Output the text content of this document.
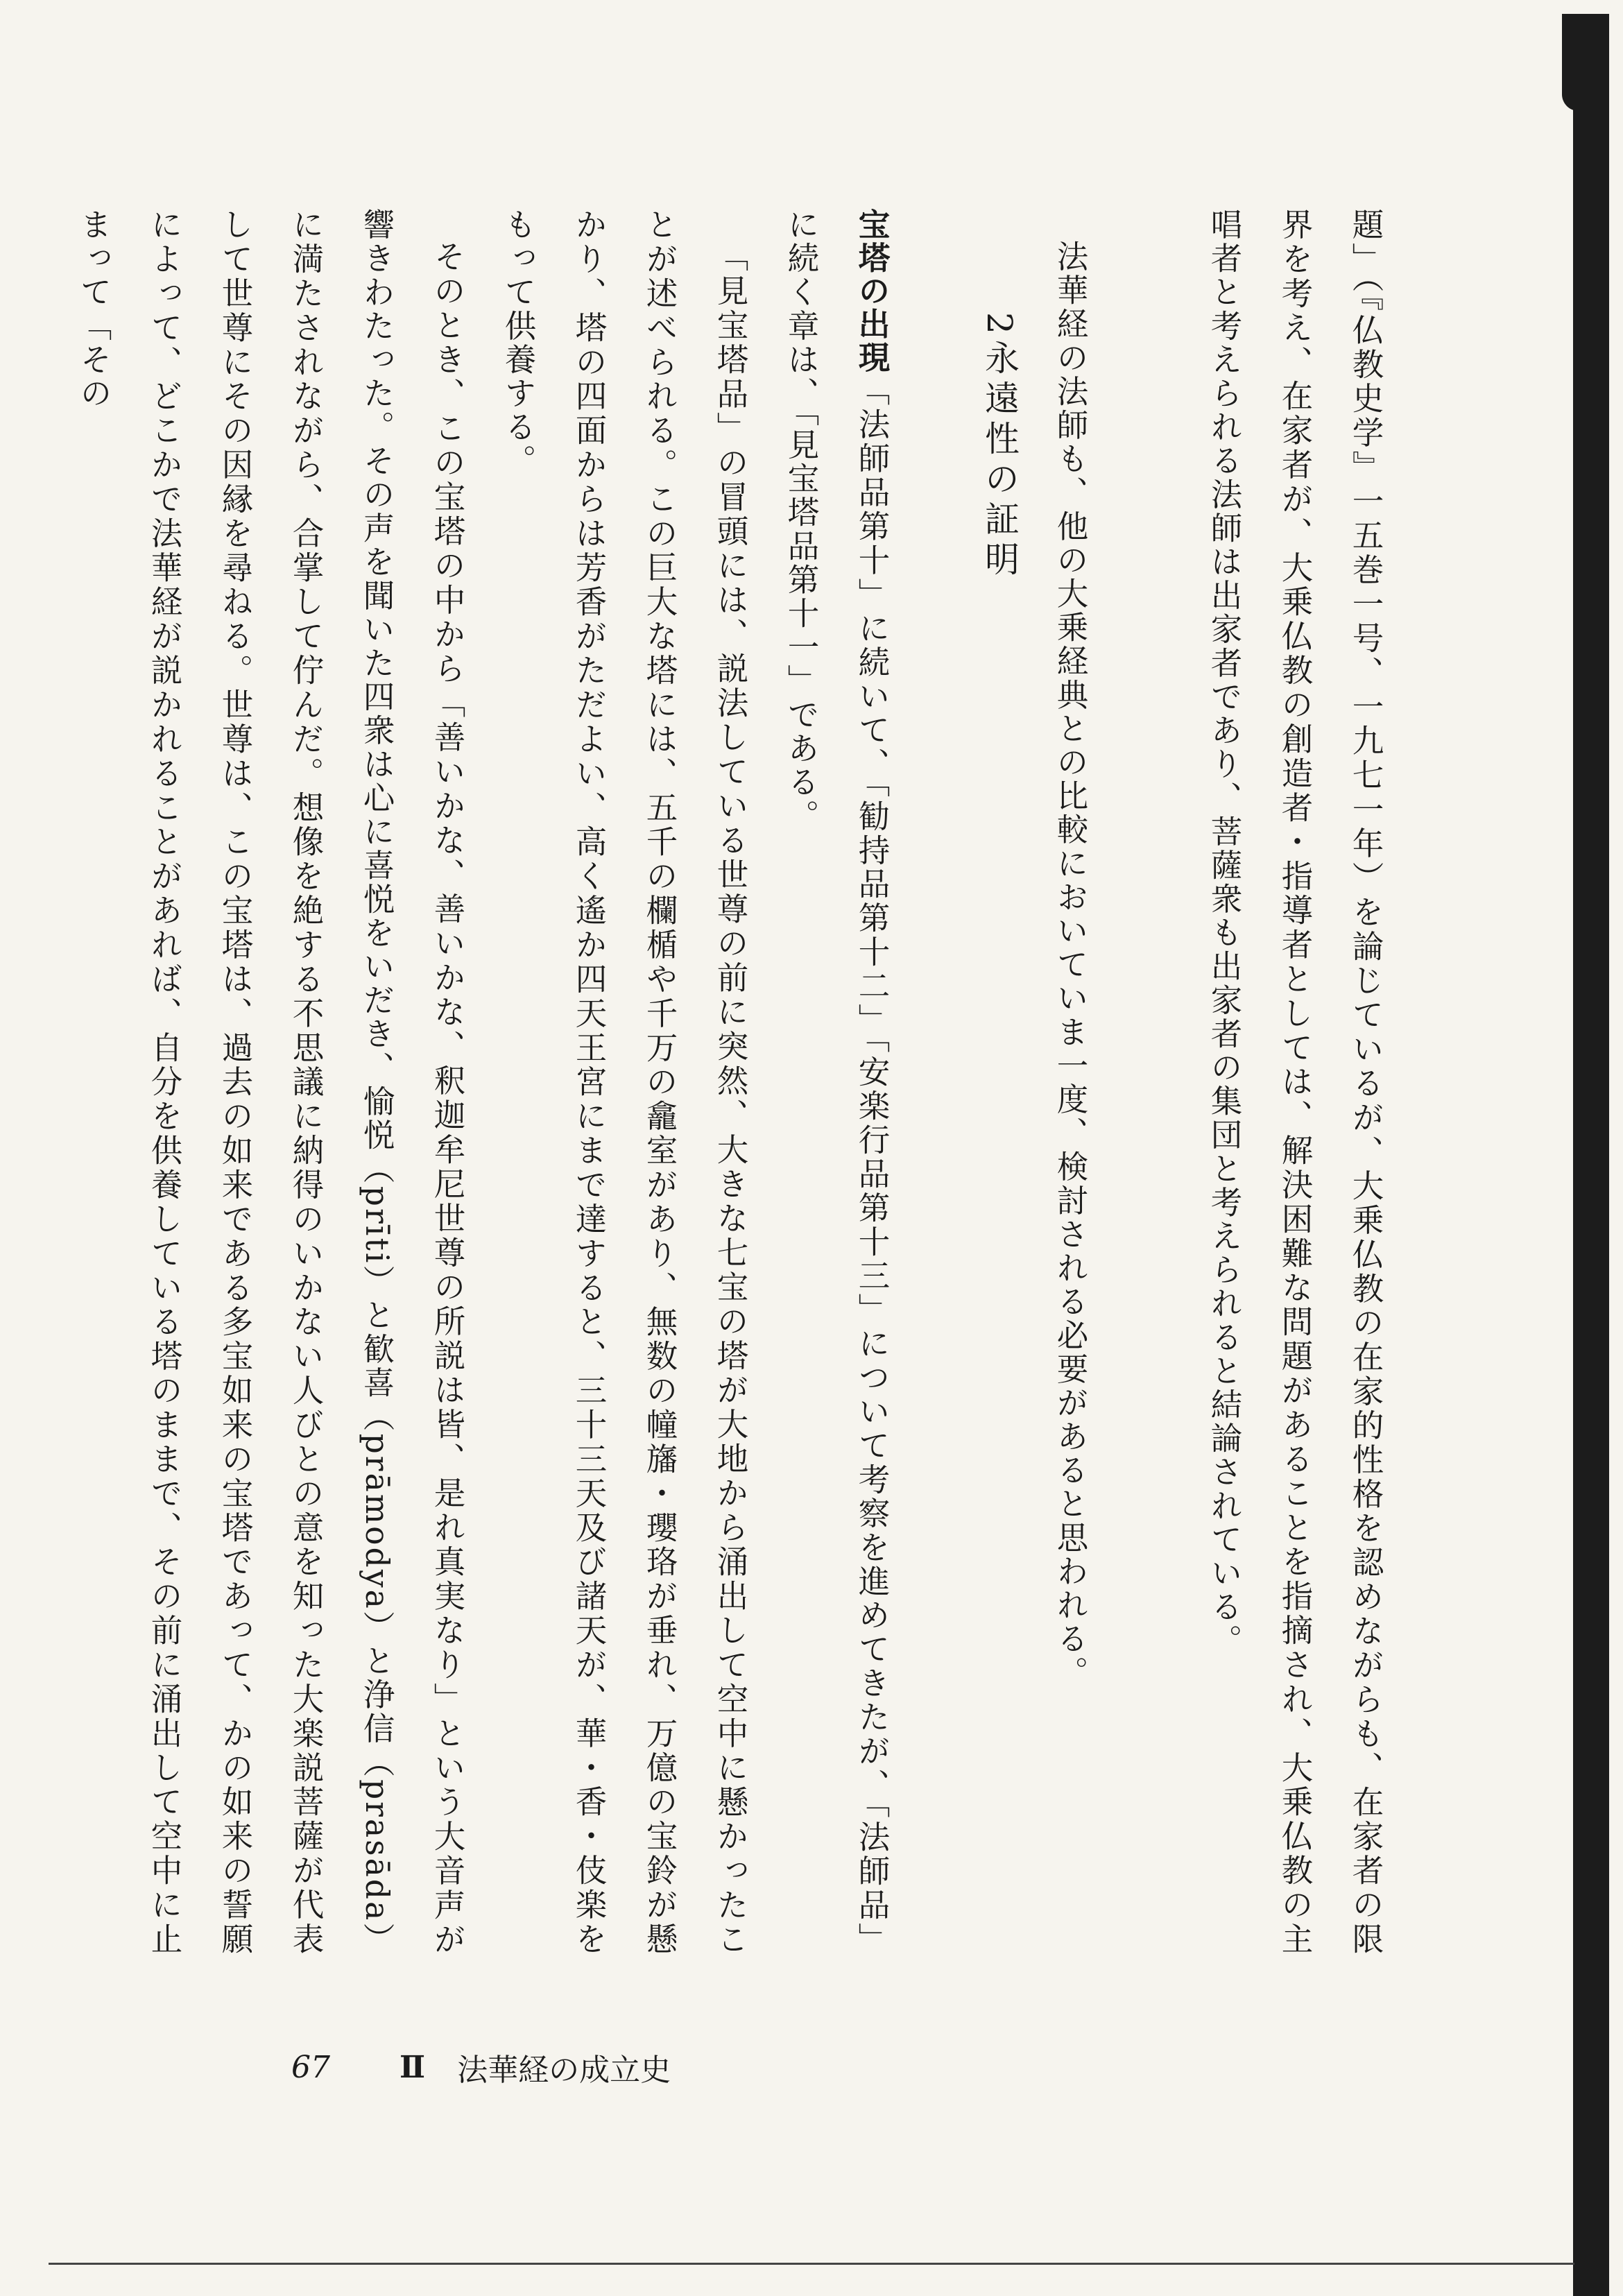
題」（『仏教史学』一五巻一号、一九七一年）を論じているが、大乗仏教の在家的性格を認めながらも、在家者の限界を考え、在家者が、大乗仏教の創造者・指導者としては、解決困難な問題があることを指摘され、大乗仏教の主唱者と考えられる法師は出家者であり、菩薩衆も出家者の集団と考えられると結論されている。

法華経の法師も、他の大乗経典との比較においていま一度、検討される必要があると思われる。

2永遠性の証明

宝塔の出現「法師品第十」に続いて、「勧持品第十二」「安楽行品第十三」について考察を進めてきたが、「法師品」に続く章は、「見宝塔品第十一」である。

「見宝塔品」の冒頭には、説法している世尊の前に突然、大きな七宝の塔が大地から涌出して空中に懸かったことが述べられる。この巨大な塔には、五千の欄楯や千万の龕室があり、無数の幢旛・瓔珞が垂れ、万億の宝鈴が懸かり、塔の四面からは芳香がただよい、高く遙か四天王宮にまで達すると、三十三天及び諸天が、華・香・伎楽をもって供養する。

そのとき、この宝塔の中から「善いかな、善いかな、釈迦牟尼世尊の所説は皆、是れ真実なり」という大音声が響きわたった。その声を聞いた四衆は心に喜悦をいだき、愉悦（prīti）と歓喜（prāmodya）と浄信（prasāda）に満たされながら、合掌して佇んだ。想像を絶する不思議に納得のいかない人びとの意を知った大楽説菩薩が代表して世尊にその因縁を尋ねる。世尊は、この宝塔は、過去の如来である多宝如来の宝塔であって、かの如来の誓願によって、どこかで法華経が説かれることがあれば、自分を供養している塔のままで、その前に涌出して空中に止まって「その

67 Ⅱ 法華経の成立史
